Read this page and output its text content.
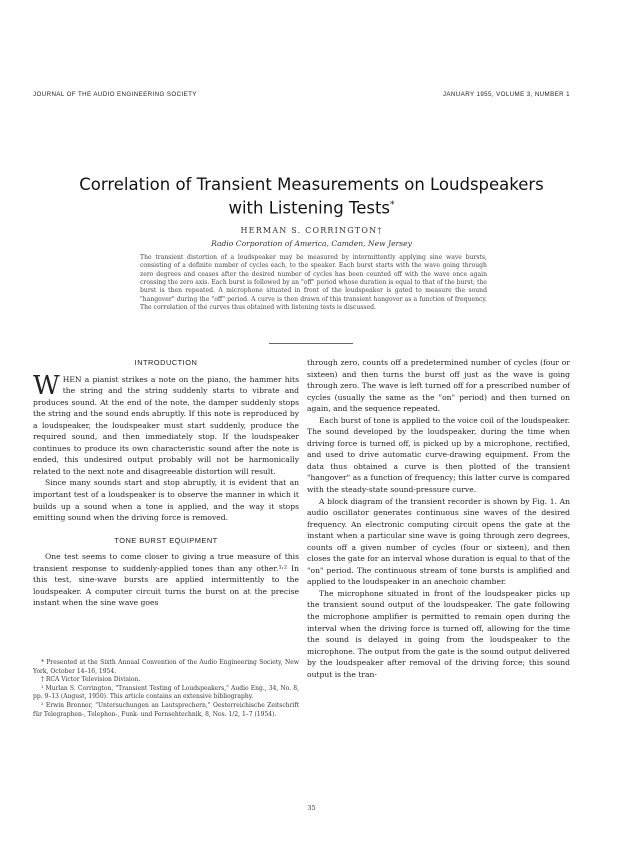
JOURNAL OF THE AUDIO ENGINEERING SOCIETY	JANUARY 1955, VOLUME 3, NUMBER 1
Correlation of Transient Measurements on Loudspeakers
with Listening Tests*
HERMAN S. CORRINGTON†
Radio Corporation of America, Camden, New Jersey
The transient distortion of a loudspeaker may be measured by intermittently applying sine wave bursts, consisting of a definite number of cycles each, to the speaker. Each burst starts with the wave going through zero degrees and ceases after the desired number of cycles has been counted off with the wave once again crossing the zero axis. Each burst is followed by an "off" period whose duration is equal to that of the burst; the burst is then repeated. A microphone situated in front of the loudspeaker is gated to measure the sound "hangover" during the "off" period. A curve is then drawn of this transient hangover as a function of frequency. The correlation of the curves thus obtained with listening tests is discussed.
INTRODUCTION

WHEN a pianist strikes a note on the piano, the hammer hits the string and the string suddenly starts to vibrate and produces sound. At the end of the note, the damper suddenly stops the string and the sound ends abruptly. If this note is reproduced by a loudspeaker, the loudspeaker must start suddenly, produce the required sound, and then immediately stop. If the loudspeaker continues to produce its own characteristic sound after the note is ended, this undesired output probably will not be harmonically related to the next note and disagreeable distortion will result.

Since many sounds start and stop abruptly, it is evident that an important test of a loudspeaker is to observe the manner in which it builds up a sound when a tone is applied, and the way it stops emitting sound when the driving force is removed.

TONE BURST EQUIPMENT

One test seems to come closer to giving a true measure of this transient response to suddenly-applied tones than any other.¹˒² In this test, sine-wave bursts are applied intermittently to the loudspeaker. A computer circuit turns the burst on at the precise instant when the sine wave goes

* Presented at the Sixth Annual Convention of the Audio Engineering Society, New York, October 14–16, 1954.

† RCA Victor Television Division.

¹ Murlan S. Corrington, "Transient Testing of Loudspeakers," Audio Eng., 34, No. 8, pp. 9–13 (August, 1950). This article contains an extensive bibliography.

² Erwin Brenner, "Untersuchungen an Lautsprechern," Oesterreichische Zeitschrift für Telegraphen-, Telephon-, Funk- und Fernsehtechnik, 8, Nos. 1/2, 1–7 (1954).

through zero, counts off a predetermined number of cycles (four or sixteen) and then turns the burst off just as the wave is going through zero. The wave is left turned off for a prescribed number of cycles (usually the same as the "on" period) and then turned on again, and the sequence repeated.

Each burst of tone is applied to the voice coil of the loudspeaker. The sound developed by the loudspeaker, during the time when driving force is turned off, is picked up by a microphone, rectified, and used to drive automatic curve-drawing equipment. From the data thus obtained a curve is then plotted of the transient "hangover" as a function of frequency; this latter curve is compared with the steady-state sound-pressure curve.

A block diagram of the transient recorder is shown by Fig. 1. An audio oscillator generates continuous sine waves of the desired frequency. An electronic computing circuit opens the gate at the instant when a particular sine wave is going through zero degrees, counts off a given number of cycles (four or sixteen), and then closes the gate for an interval whose duration is equal to that of the "on" period. The continuous stream of tone bursts is amplified and applied to the loudspeaker in an anechoic chamber.

The microphone situated in front of the loudspeaker picks up the transient sound output of the loudspeaker. The gate following the microphone amplifier is permitted to remain open during the interval when the driving force is turned off, allowing for the time the sound is delayed in going from the loudspeaker to the microphone. The output from the gate is the sound output delivered by the loudspeaker after removal of the driving force; this sound output is the tran-

35
